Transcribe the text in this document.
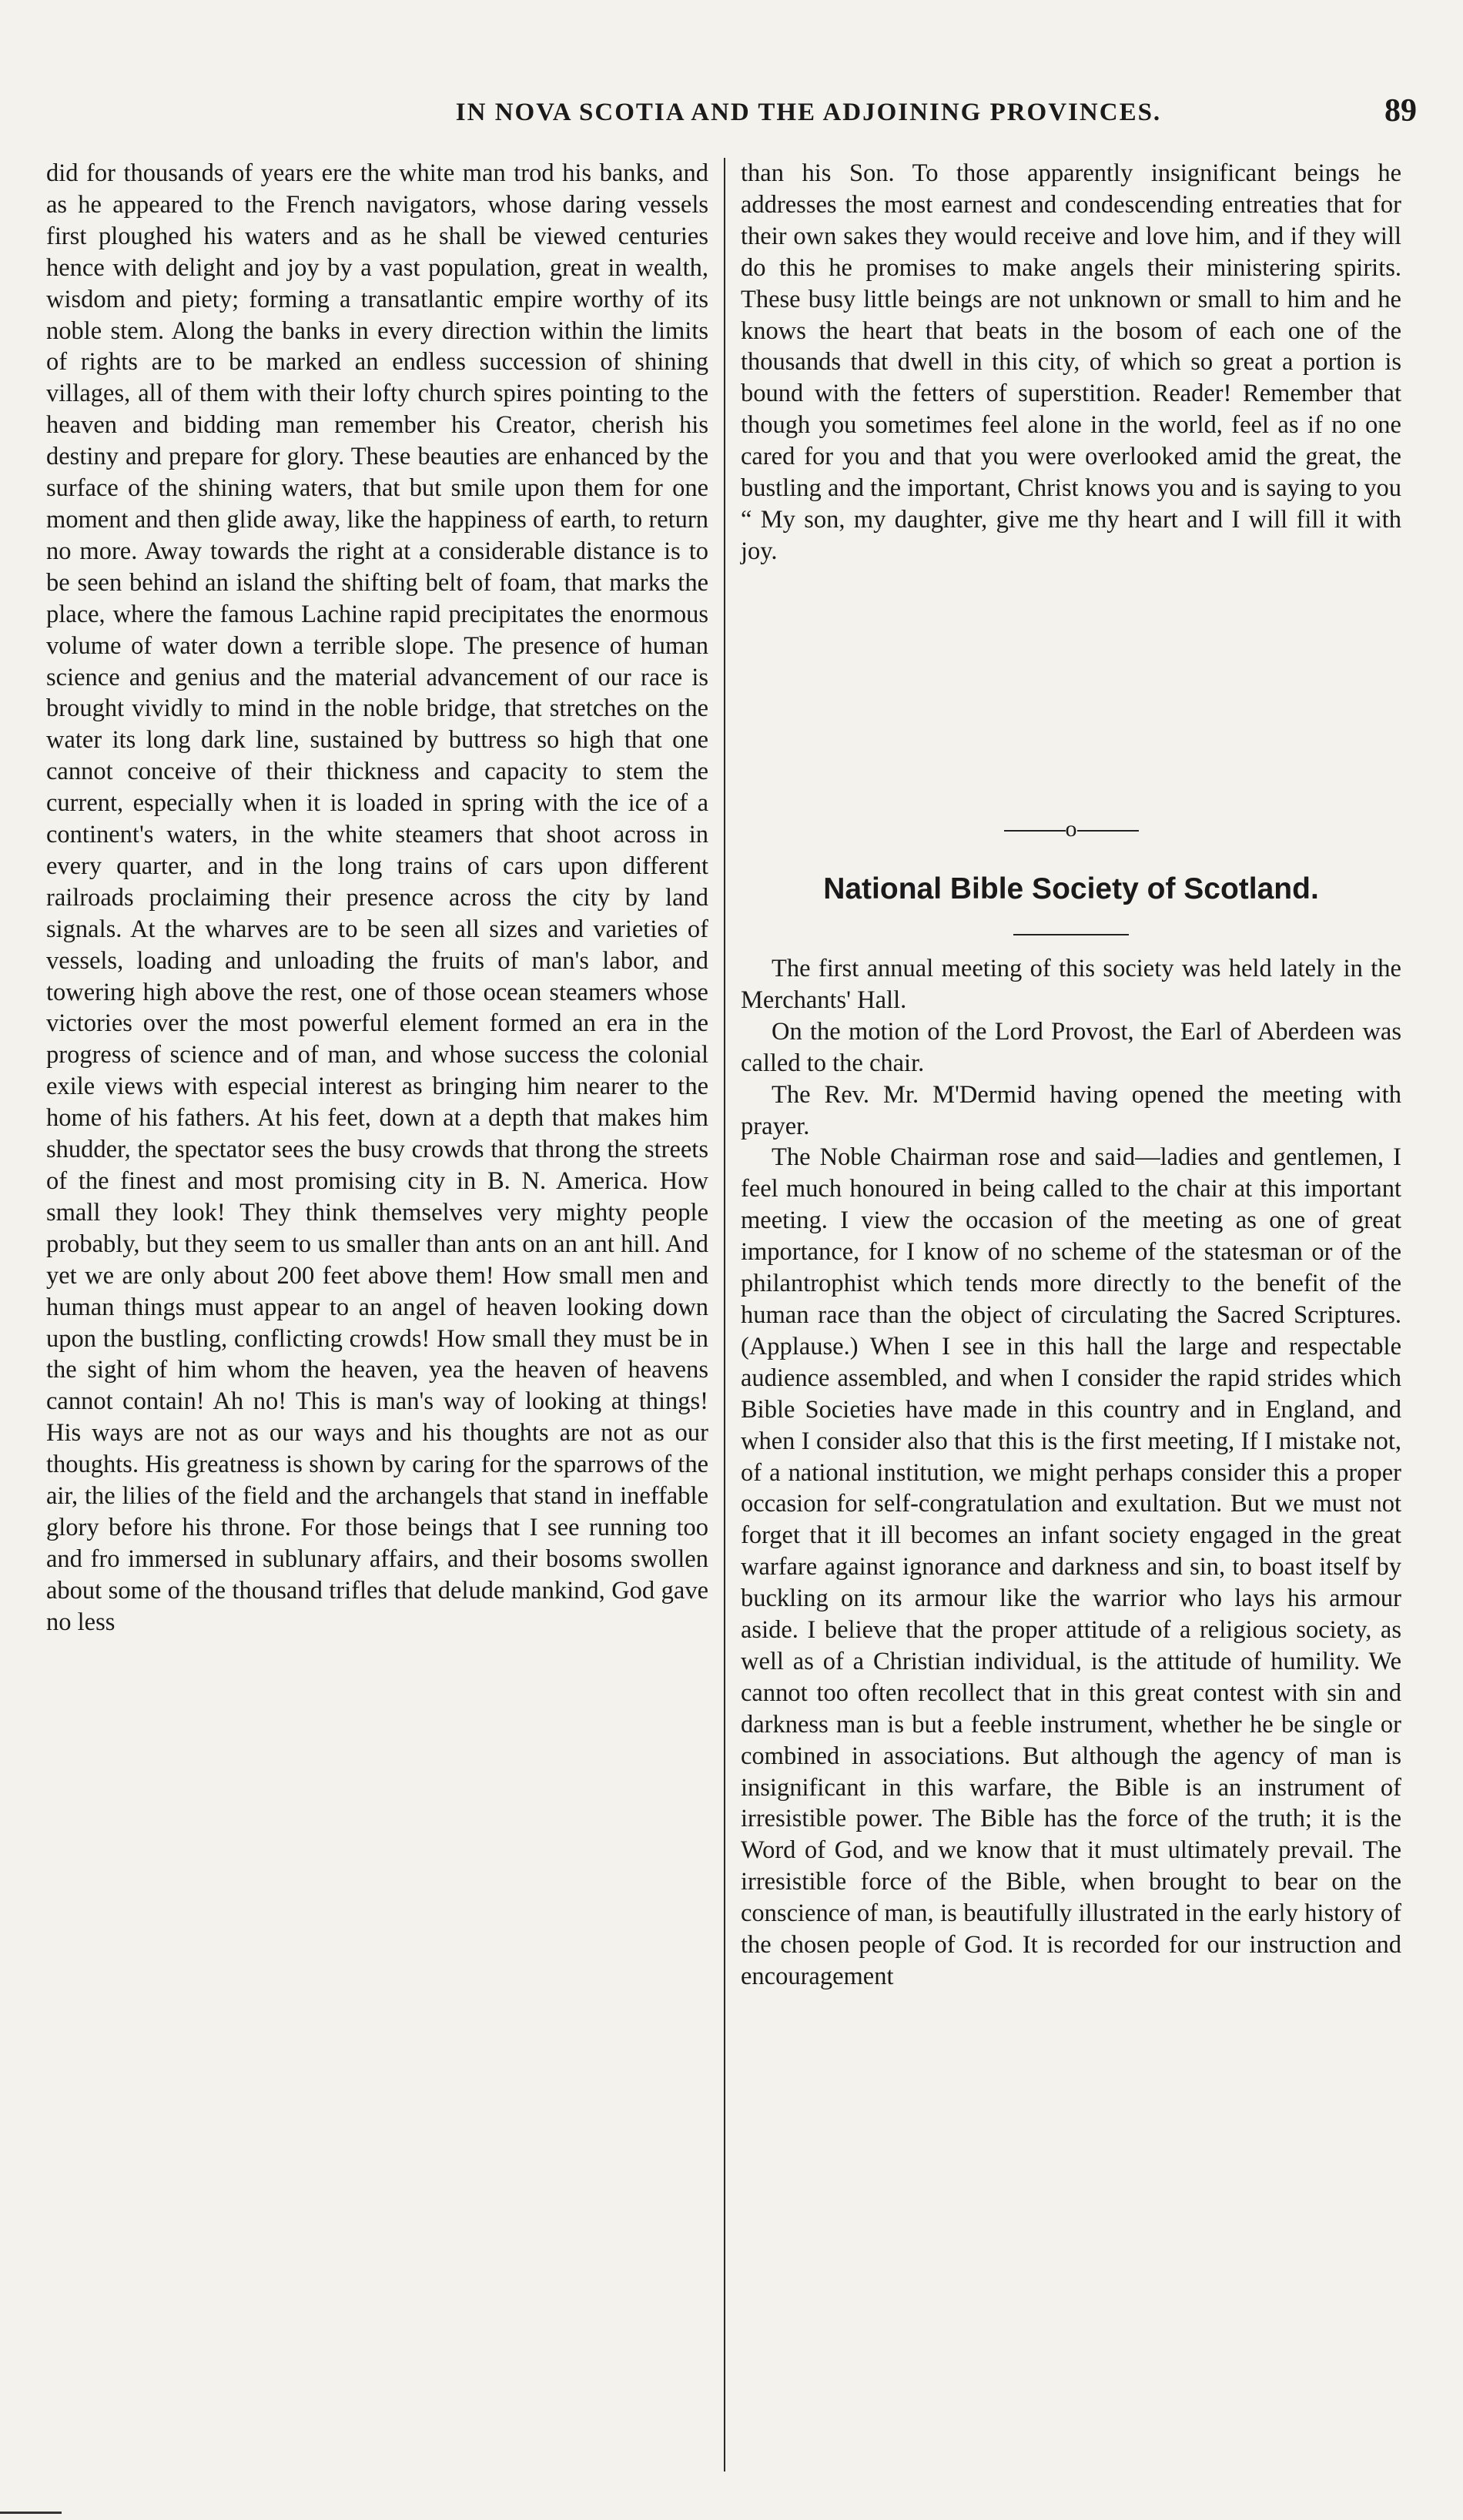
IN NOVA SCOTIA AND THE ADJOINING PROVINCES.	89

did for thousands of years ere the white man trod his banks, and as he appeared to the French navigators, whose daring vessels first ploughed his waters and as he shall be viewed centuries hence with delight and joy by a vast population, great in wealth, wisdom and piety; forming a transatlantic empire worthy of its noble stem. Along the banks in every direction within the limits of rights are to be marked an endless succession of shining villages, all of them with their lofty church spires pointing to the heaven and bidding man remember his Creator, cherish his destiny and prepare for glory. These beauties are enhanced by the surface of the shining waters, that but smile upon them for one moment and then glide away, like the happiness of earth, to return no more. Away towards the right at a considerable distance is to be seen behind an island the shifting belt of foam, that marks the place, where the famous Lachine rapid precipitates the enormous volume of water down a terrible slope. The presence of human science and genius and the material advancement of our race is brought vividly to mind in the noble bridge, that stretches on the water its long dark line, sustained by buttress so high that one cannot conceive of their thickness and capacity to stem the current, especially when it is loaded in spring with the ice of a continent's waters, in the white steamers that shoot across in every quarter, and in the long trains of cars upon different railroads proclaiming their presence across the city by land signals. At the wharves are to be seen all sizes and varieties of vessels, loading and unloading the fruits of man's labor, and towering high above the rest, one of those ocean steamers whose victories over the most powerful element formed an era in the progress of science and of man, and whose success the colonial exile views with especial interest as bringing him nearer to the home of his fathers. At his feet, down at a depth that makes him shudder, the spectator sees the busy crowds that throng the streets of the finest and most promising city in B. N. America. How small they look! They think themselves very mighty people probably, but they seem to us smaller than ants on an ant hill. And yet we are only about 200 feet above them! How small men and human things must appear to an angel of heaven looking down upon the bustling, conflicting crowds! How small they must be in the sight of him whom the heaven, yea the heaven of heavens cannot contain! Ah no! This is man's way of looking at things! His ways are not as our ways and his thoughts are not as our thoughts. His greatness is shown by caring for the sparrows of the air, the lilies of the field and the archangels that stand in ineffable glory before his throne. For those beings that I see running too and fro immersed in sublunary affairs, and their bosoms swollen about some of the thousand trifles that delude mankind, God gave no less

than his Son. To those apparently insignificant beings he addresses the most earnest and condescending entreaties that for their own sakes they would receive and love him, and if they will do this he promises to make angels their ministering spirits. These busy little beings are not unknown or small to him and he knows the heart that beats in the bosom of each one of the thousands that dwell in this city, of which so great a portion is bound with the fetters of superstition. Reader! Remember that though you sometimes feel alone in the world, feel as if no one cared for you and that you were overlooked amid the great, the bustling and the important, Christ knows you and is saying to you “ My son, my daughter, give me thy heart and I will fill it with joy.

o
National Bible Society of Scotland.

The first annual meeting of this society was held lately in the Merchants' Hall.

On the motion of the Lord Provost, the Earl of Aberdeen was called to the chair.

The Rev. Mr. M'Dermid having opened the meeting with prayer.

The Noble Chairman rose and said—ladies and gentlemen, I feel much honoured in being called to the chair at this important meeting. I view the occasion of the meeting as one of great importance, for I know of no scheme of the statesman or of the philantrophist which tends more directly to the benefit of the human race than the object of circulating the Sacred Scriptures. (Applause.) When I see in this hall the large and respectable audience assembled, and when I consider the rapid strides which Bible Societies have made in this country and in England, and when I consider also that this is the first meeting, If I mistake not, of a national institution, we might perhaps consider this a proper occasion for self-congratulation and exultation. But we must not forget that it ill becomes an infant society engaged in the great warfare against ignorance and darkness and sin, to boast itself by buckling on its armour like the warrior who lays his armour aside. I believe that the proper attitude of a religious society, as well as of a Christian individual, is the attitude of humility. We cannot too often recollect that in this great contest with sin and darkness man is but a feeble instrument, whether he be single or combined in associations. But although the agency of man is insignificant in this warfare, the Bible is an instrument of irresistible power. The Bible has the force of the truth; it is the Word of God, and we know that it must ultimately prevail. The irresistible force of the Bible, when brought to bear on the conscience of man, is beautifully illustrated in the early history of the chosen people of God. It is recorded for our instruction and encouragement
